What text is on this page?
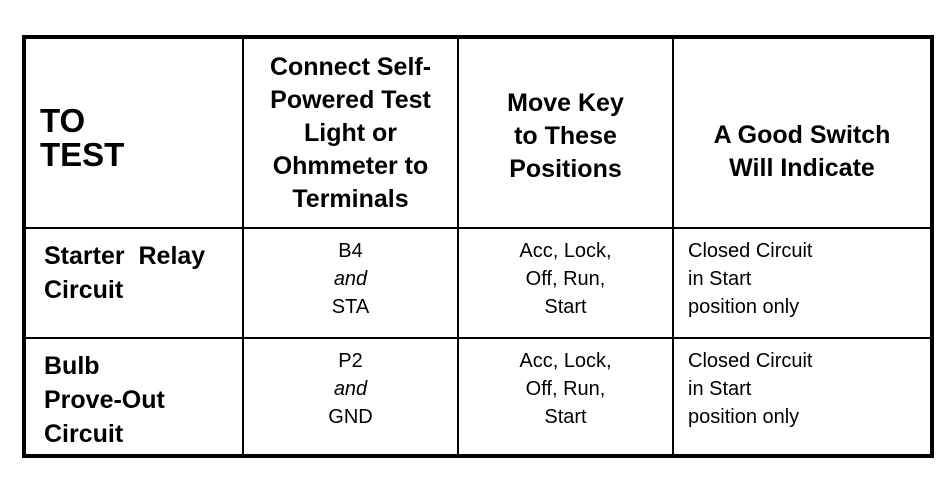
TO
TEST
Connect Self-
Powered Test
Light or
Ohmmeter to
Terminals
Move Key
to These
Positions
A Good Switch
Will Indicate
Starter  Relay
Circuit
B4
and
STA
Acc, Lock,
Off, Run,
Start
Closed Circuit
in Start
position only
Bulb
Prove-Out
Circuit
P2
and
GND
Acc, Lock,
Off, Run,
Start
Closed Circuit
in Start
position only
